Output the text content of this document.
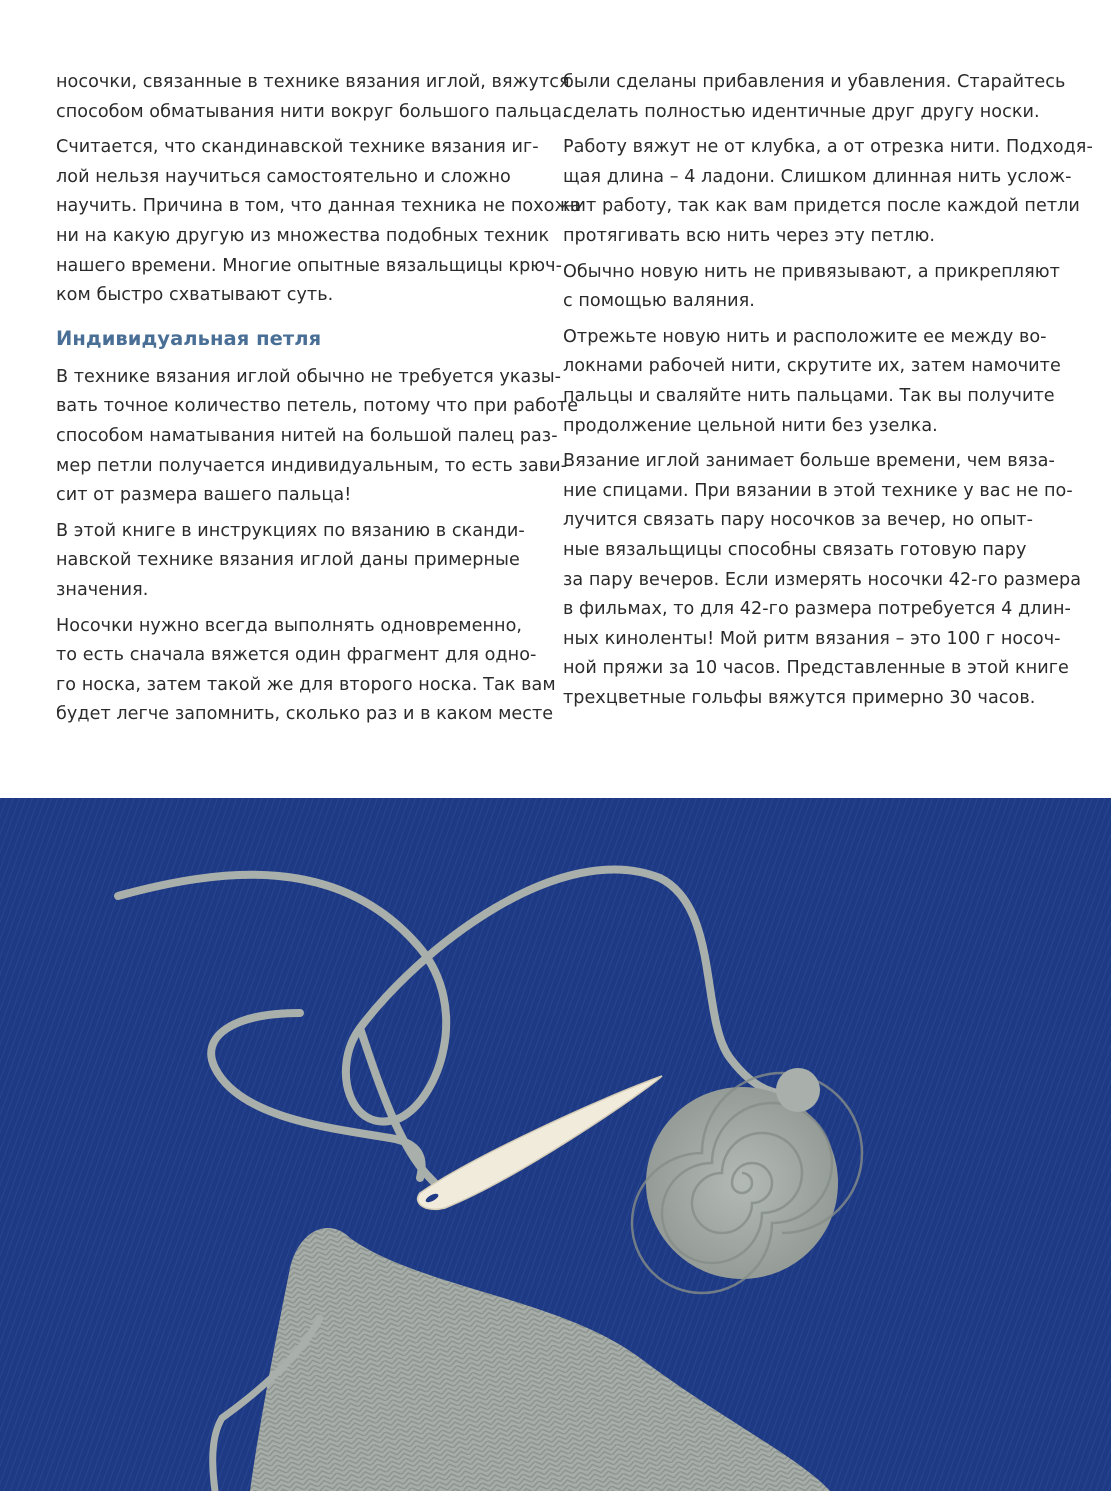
носочки, связанные в технике вязания иглой, вяжутся
способом обматывания нити вокруг большого пальца.
Считается, что скандинавской технике вязания иг-
лой нельзя научиться самостоятельно и сложно
научить. Причина в том, что данная техника не похожа
ни на какую другую из множества подобных техник
нашего времени. Многие опытные вязальщицы крюч-
ком быстро схватывают суть.
Индивидуальная петля
В технике вязания иглой обычно не требуется указы-
вать точное количество петель, потому что при работе
способом наматывания нитей на большой палец раз-
мер петли получается индивидуальным, то есть зави-
сит от размера вашего пальца!
В этой книге в инструкциях по вязанию в сканди-
навской технике вязания иглой даны примерные
значения.
Носочки нужно всегда выполнять одновременно,
то есть сначала вяжется один фрагмент для одно-
го носка, затем такой же для второго носка. Так вам
будет легче запомнить, сколько раз и в каком месте
были сделаны прибавления и убавления. Старайтесь
сделать полностью идентичные друг другу носки.
Работу вяжут не от клубка, а от отрезка нити. Подходя-
щая длина – 4 ладони. Слишком длинная нить услож-
нит работу, так как вам придется после каждой петли
протягивать всю нить через эту петлю.
Обычно новую нить не привязывают, а прикрепляют
с помощью валяния.
Отрежьте новую нить и расположите ее между во-
локнами рабочей нити, скрутите их, затем намочите
пальцы и сваляйте нить пальцами. Так вы получите
продолжение цельной нити без узелка.
Вязание иглой занимает больше времени, чем вяза-
ние спицами. При вязании в этой технике у вас не по-
лучится связать пару носочков за вечер, но опыт-
ные вязальщицы способны связать готовую пару
за пару вечеров. Если измерять носочки 42-го размера
в фильмах, то для 42-го размера потребуется 4 длин-
ных киноленты! Мой ритм вязания – это 100 г носоч-
ной пряжи за 10 часов. Представленные в этой книге
трехцветные гольфы вяжутся примерно 30 часов.
